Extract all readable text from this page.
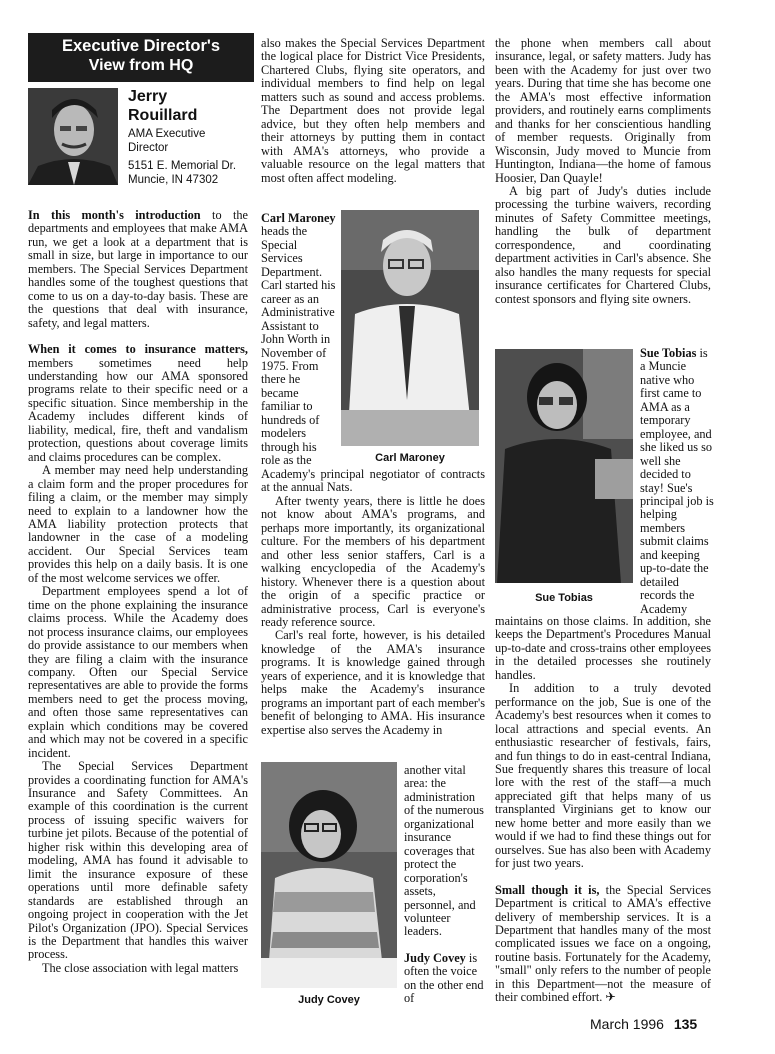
Executive Director's
View from HQ
Jerry
Rouillard
AMA Executive
Director
5151 E. Memorial Dr.
Muncie, IN 47302

In this month's introduction to the departments and employees that make AMA run, we get a look at a department that is small in size, but large in importance to our members. The Special Services Department handles some of the toughest questions that come to us on a day-to-day basis. These are the questions that deal with insurance, safety, and legal matters.

When it comes to insurance matters, members sometimes need help understanding how our AMA sponsored programs relate to their specific need or a specific situation. Since membership in the Academy includes different kinds of liability, medical, fire, theft and vandalism protection, questions about coverage limits and claims procedures can be complex.

A member may need help understanding a claim form and the proper procedures for filing a claim, or the member may simply need to explain to a landowner how the AMA liability protection protects that landowner in the case of a modeling accident. Our Special Services team provides this help on a daily basis. It is one of the most welcome services we offer.

Department employees spend a lot of time on the phone explaining the insurance claims process. While the Academy does not process insurance claims, our employees do provide assistance to our members when they are filing a claim with the insurance company. Often our Special Service representatives are able to provide the forms members need to get the process moving, and often those same representatives can explain which conditions may be covered and which may not be covered in a specific incident.

The Special Services Department provides a coordinating function for AMA's Insurance and Safety Committees. An example of this coordination is the current process of issuing specific waivers for turbine jet pilots. Because of the potential of higher risk within this developing area of modeling, AMA has found it advisable to limit the insurance exposure of these operations until more definable safety standards are established through an ongoing project in cooperation with the Jet Pilot's Organization (JPO). Special Services is the Department that handles this waiver process.

The close association with legal matters

also makes the Special Services Department the logical place for District Vice Presidents, Chartered Clubs, flying site operators, and individual members to find help on legal matters such as sound and access problems. The Department does not provide legal advice, but they often help members and their attorneys by putting them in contact with AMA's attorneys, who provide a valuable resource on the legal matters that most often affect modeling.

Carl Maroney

Carl Maroney heads the Special Services Department. Carl started his career as an Administrative Assistant to John Worth in November of 1975. From there he became familiar to hundreds of modelers through his role as the

Academy's principal negotiator of contracts at the annual Nats.

After twenty years, there is little he does not know about AMA's programs, and perhaps more importantly, its organizational culture. For the members of his department and other less senior staffers, Carl is a walking encyclopedia of the Academy's history. Whenever there is a question about the origin of a specific practice or administrative process, Carl is everyone's ready reference source.

Carl's real forte, however, is his detailed knowledge of the AMA's insurance programs. It is knowledge gained through years of experience, and it is knowledge that helps make the Academy's insurance programs an important part of each member's benefit of belonging to AMA. His insurance expertise also serves the Academy in

Judy Covey

another vital area: the administration of the numerous organizational insurance coverages that protect the corporation's assets, personnel, and volunteer leaders.

Judy Covey is often the voice on the other end of

the phone when members call about insurance, legal, or safety matters. Judy has been with the Academy for just over two years. During that time she has become one the AMA's most effective information providers, and routinely earns compliments and thanks for her conscientious handling of member requests. Originally from Wisconsin, Judy moved to Muncie from Huntington, Indiana—the home of famous Hoosier, Dan Quayle!

A big part of Judy's duties include processing the turbine waivers, recording minutes of Safety Committee meetings, handling the bulk of department correspondence, and coordinating department activities in Carl's absence. She also handles the many requests for special insurance certificates for Chartered Clubs, contest sponsors and flying site owners.

Sue Tobias

Sue Tobias is a Muncie native who first came to AMA as a temporary employee, and she liked us so well she decided to stay! Sue's principal job is helping members submit claims and keeping up-to-date the detailed records the Academy

maintains on those claims. In addition, she keeps the Department's Procedures Manual up-to-date and cross-trains other employees in the detailed processes she routinely handles.

In addition to a truly devoted performance on the job, Sue is one of the Academy's best resources when it comes to local attractions and special events. An enthusiastic researcher of festivals, fairs, and fun things to do in east-central Indiana, Sue frequently shares this treasure of local lore with the rest of the staff—a much appreciated gift that helps many of us transplanted Virginians get to know our new home better and more easily than we would if we had to find these things out for ourselves. Sue has also been with Academy for just two years.

Small though it is, the Special Services Department is critical to AMA's effective delivery of membership services. It is a Department that handles many of the most complicated issues we face on a ongoing, routine basis. Fortunately for the Academy, "small" only refers to the number of people in this Department—not the measure of their combined effort. ✈

March 1996 135
